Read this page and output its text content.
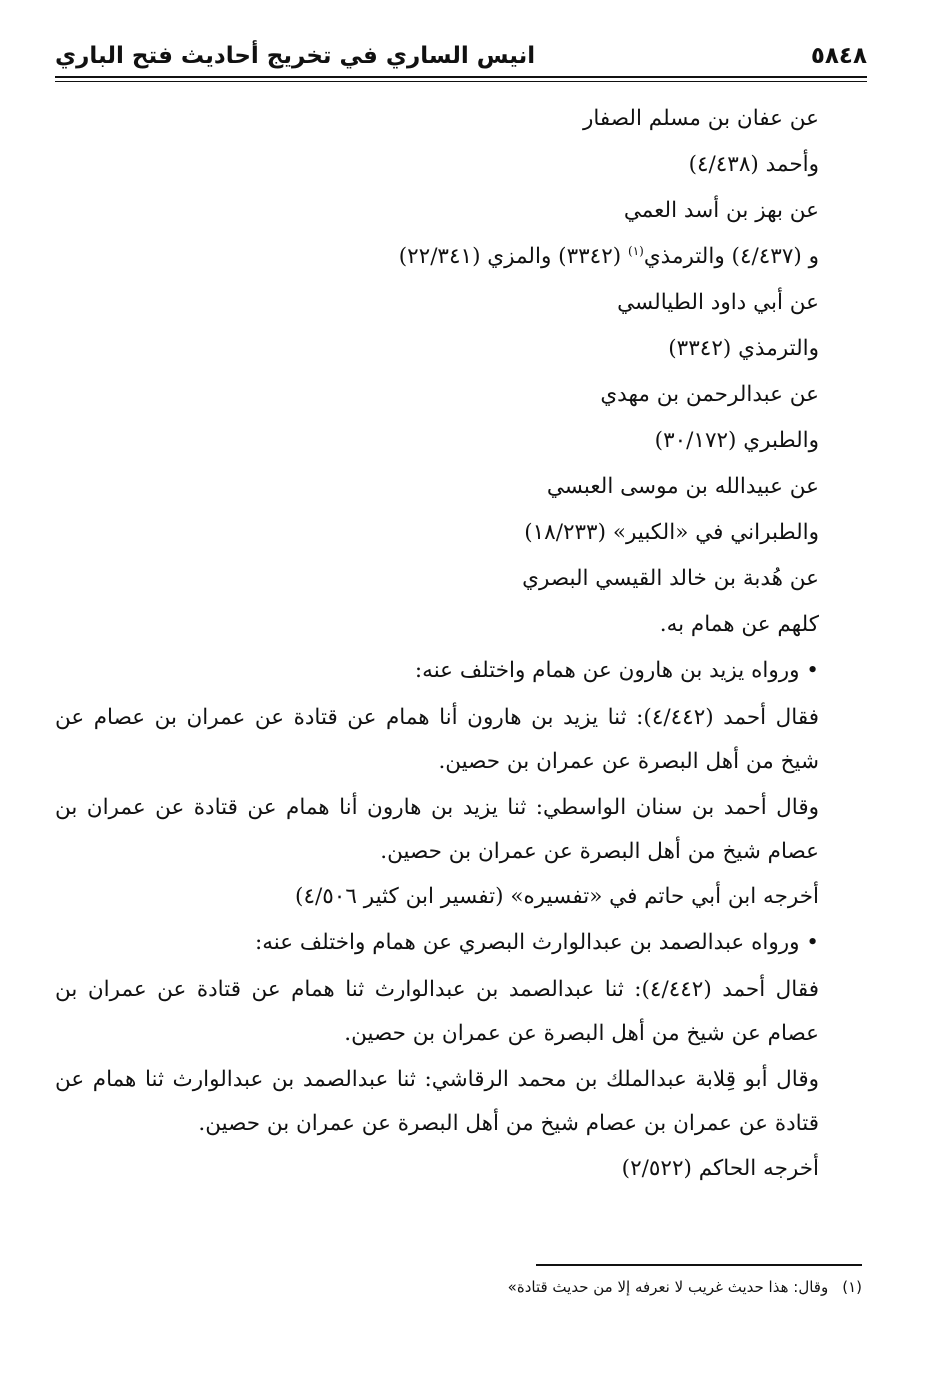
٥٨٤٨
انيس الساري في تخريج أحاديث فتح الباري
عن عفان بن مسلم الصفار
وأحمد (٤/٤٣٨)
عن بهز بن أسد العمي
و (٤/٤٣٧) والترمذي$^{(١)}$ (٣٣٤٢) والمزي (٢٢/٣٤١)
عن أبي داود الطيالسي
والترمذي (٣٣٤٢)
عن عبدالرحمن بن مهدي
والطبري (٣٠/١٧٢)
عن عبيدالله بن موسى العبسي
والطبراني في «الكبير» (١٨/٢٣٣)
عن هُدبة بن خالد القيسي البصري
كلهم عن همام به.
• ورواه يزيد بن هارون عن همام واختلف عنه:
فقال أحمد (٤/٤٤٢): ثنا يزيد بن هارون أنا همام عن قتادة عن عمران بن عصام عن شيخ من أهل البصرة عن عمران بن حصين.
وقال أحمد بن سنان الواسطي: ثنا يزيد بن هارون أنا همام عن قتادة عن عمران بن عصام شيخ من أهل البصرة عن عمران بن حصين.
أخرجه ابن أبي حاتم في «تفسيره» (تفسير ابن كثير ٤/٥٠٦)
• ورواه عبدالصمد بن عبدالوارث البصري عن همام واختلف عنه:
فقال أحمد (٤/٤٤٢): ثنا عبدالصمد بن عبدالوارث ثنا همام عن قتادة عن عمران بن عصام عن شيخ من أهل البصرة عن عمران بن حصين.
وقال أبو قِلابة عبدالملك بن محمد الرقاشي: ثنا عبدالصمد بن عبدالوارث ثنا همام عن قتادة عن عمران بن عصام شيخ من أهل البصرة عن عمران بن حصين.
أخرجه الحاكم (٢/٥٢٢)
(١)وقال: هذا حديث غريب لا نعرفه إلا من حديث قتادة»
